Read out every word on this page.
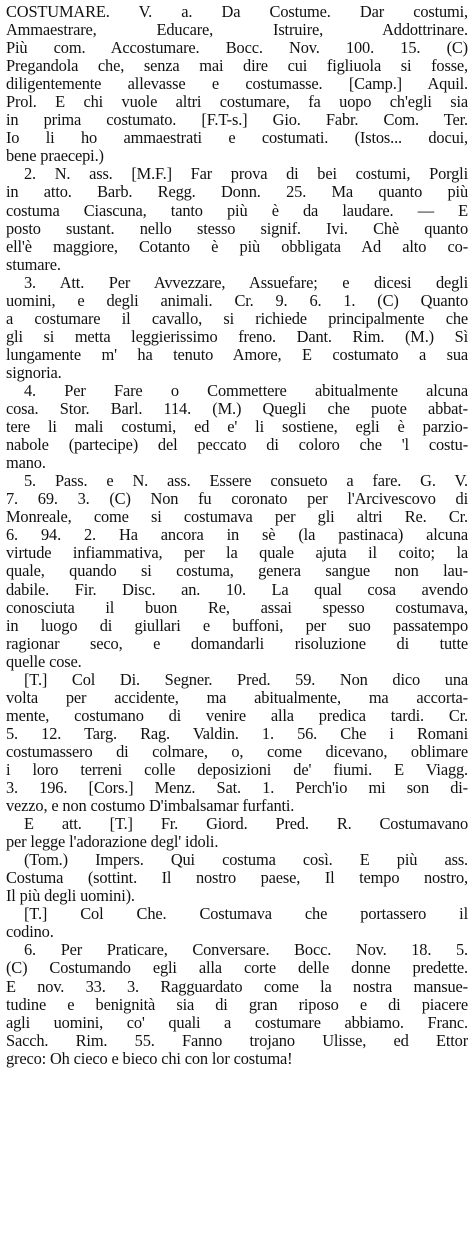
COSTUMARE. V. a. Da Costume. Dar costumi,
Ammaestrare, Educare, Istruire, Addottrinare.
Più com. Accostumare. Bocc. Nov. 100. 15. (C)
Pregandola che, senza mai dire cui figliuola si fosse,
diligentemente allevasse e costumasse. [Camp.] Aquil.
Prol. E chi vuole altri costumare, fa uopo ch'egli sia
in prima costumato. [F.T-s.] Gio. Fabr. Com. Ter.
Io li ho ammaestrati e costumati. (Istos... docui,
bene praecepi.)
2. N. ass. [M.F.] Far prova di bei costumi, Porgli
in atto. Barb. Regg. Donn. 25. Ma quanto più
costuma Ciascuna, tanto più è da laudare. — E
posto sustant. nello stesso signif. Ivi. Chè quanto
ell'è maggiore, Cotanto è più obbligata Ad alto co-
stumare.
3. Att. Per Avvezzare, Assuefare; e dicesi degli
uomini, e degli animali. Cr. 9. 6. 1. (C) Quanto
a costumare il cavallo, si richiede principalmente che
gli si metta leggierissimo freno. Dant. Rim. (M.) Sì
lungamente m' ha tenuto Amore, E costumato a sua
signoria.
4. Per Fare o Commettere abitualmente alcuna
cosa. Stor. Barl. 114. (M.) Quegli che puote abbat-
tere li mali costumi, ed e' li sostiene, egli è parzio-
nabole (partecipe) del peccato di coloro che 'l costu-
mano.
5. Pass. e N. ass. Essere consueto a fare. G. V.
7. 69. 3. (C) Non fu coronato per l'Arcivescovo di
Monreale, come si costumava per gli altri Re. Cr.
6. 94. 2. Ha ancora in sè (la pastinaca) alcuna
virtude infiammativa, per la quale ajuta il coito; la
quale, quando si costuma, genera sangue non lau-
dabile. Fir. Disc. an. 10. La qual cosa avendo
conosciuta il buon Re, assai spesso costumava,
in luogo di giullari e buffoni, per suo passatempo
ragionar seco, e domandarli risoluzione di tutte
quelle cose.
[T.] Col Di. Segner. Pred. 59. Non dico una
volta per accidente, ma abitualmente, ma accorta-
mente, costumano di venire alla predica tardi. Cr.
5. 12. Targ. Rag. Valdin. 1. 56. Che i Romani
costumassero di colmare, o, come dicevano, oblimare
i loro terreni colle deposizioni de' fiumi. E Viagg.
3. 196. [Cors.] Menz. Sat. 1. Perch'io mi son di-
vezzo, e non costumo D'imbalsamar furfanti.
E att. [T.] Fr. Giord. Pred. R. Costumavano
per legge l'adorazione degl' idoli.
(Tom.) Impers. Qui costuma così. E più ass.
Costuma (sottint. Il nostro paese, Il tempo nostro,
Il più degli uomini).
[T.] Col Che. Costumava che portassero il
codino.
6. Per Praticare, Conversare. Bocc. Nov. 18. 5.
(C) Costumando egli alla corte delle donne predette.
E nov. 33. 3. Ragguardato come la nostra mansue-
tudine e benignità sia di gran riposo e di piacere
agli uomini, co' quali a costumare abbiamo. Franc.
Sacch. Rim. 55. Fanno trojano Ulisse, ed Ettor
greco: Oh cieco e bieco chi con lor costuma!
